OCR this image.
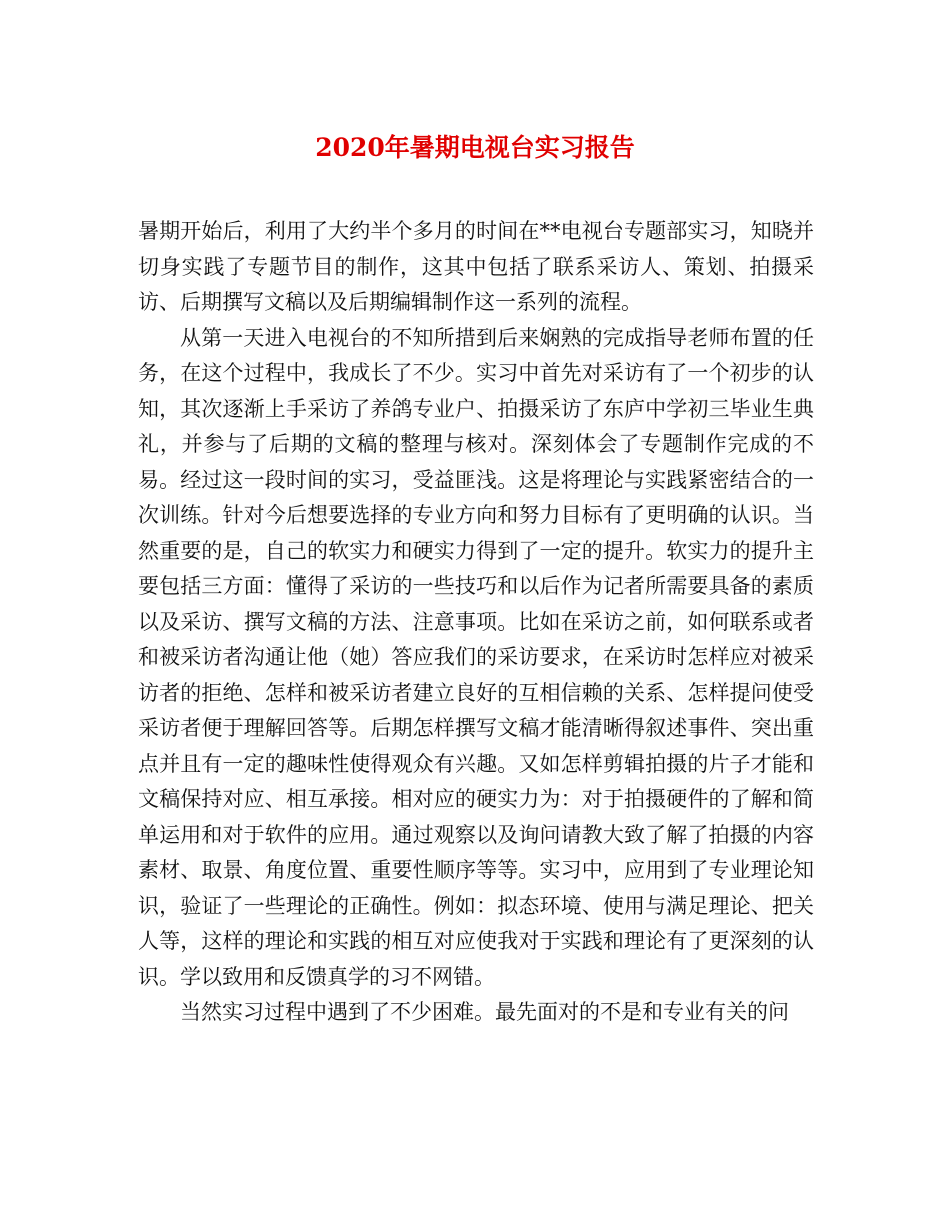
2020年暑期电视台实习报告

暑期开始后，利用了大约半个多月的时间在**电视台专题部实习，知晓并切身实践了专题节目的制作，这其中包括了联系采访人、策划、拍摄采访、后期撰写文稿以及后期编辑制作这一系列的流程。

从第一天进入电视台的不知所措到后来娴熟的完成指导老师布置的任务，在这个过程中，我成长了不少。实习中首先对采访有了一个初步的认知，其次逐渐上手采访了养鸽专业户、拍摄采访了东庐中学初三毕业生典礼，并参与了后期的文稿的整理与核对。深刻体会了专题制作完成的不易。经过这一段时间的实习，受益匪浅。这是将理论与实践紧密结合的一次训练。针对今后想要选择的专业方向和努力目标有了更明确的认识。当然重要的是，自己的软实力和硬实力得到了一定的提升。软实力的提升主要包括三方面：懂得了采访的一些技巧和以后作为记者所需要具备的素质以及采访、撰写文稿的方法、注意事项。比如在采访之前，如何联系或者和被采访者沟通让他（她）答应我们的采访要求，在采访时怎样应对被采访者的拒绝、怎样和被采访者建立良好的互相信赖的关系、怎样提问使受采访者便于理解回答等。后期怎样撰写文稿才能清晰得叙述事件、突出重点并且有一定的趣味性使得观众有兴趣。又如怎样剪辑拍摄的片子才能和文稿保持对应、相互承接。相对应的硬实力为：对于拍摄硬件的了解和简单运用和对于软件的应用。通过观察以及询问请教大致了解了拍摄的内容素材、取景、角度位置、重要性顺序等等。实习中，应用到了专业理论知识，验证了一些理论的正确性。例如：拟态环境、使用与满足理论、把关人等，这样的理论和实践的相互对应使我对于实践和理论有了更深刻的认识。学以致用和反馈真学的习不网错。

当然实习过程中遇到了不少困难。最先面对的不是和专业有关的问
